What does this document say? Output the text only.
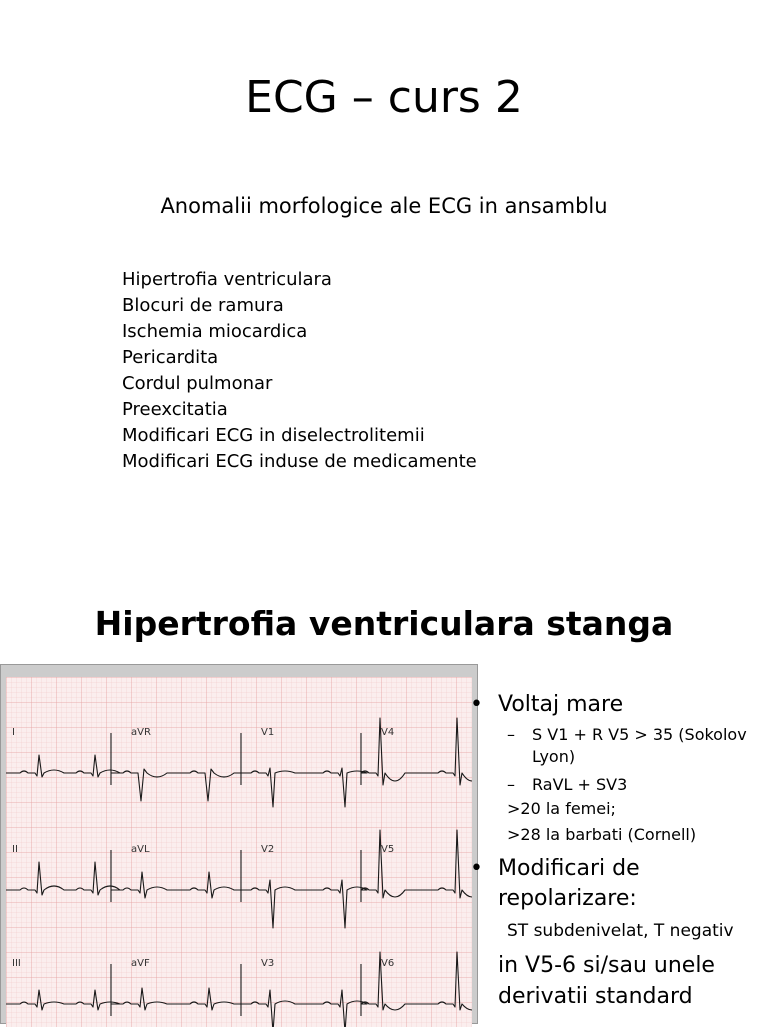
ECG – curs 2
Anomalii morfologice ale ECG in ansamblu
Hipertrofia ventriculara
Blocuri de ramura
Ischemia miocardica
Pericardita
Cordul pulmonar
Preexcitatia
Modificari ECG in diselectrolitemii
Modificari ECG induse de medicamente
Hipertrofia ventriculara stanga
I	aVR	V1	V4
II	aVL	V2	V5
III	aVF	V3	V6
• Voltaj mare
– S V1 + R V5 > 35 (Sokolov Lyon)
– RaVL + SV3
>20 la femei;
>28 la barbati (Cornell)
• Modificari de repolarizare:
ST subdenivelat, T negativ
in V5-6 si/sau unele derivatii standard
